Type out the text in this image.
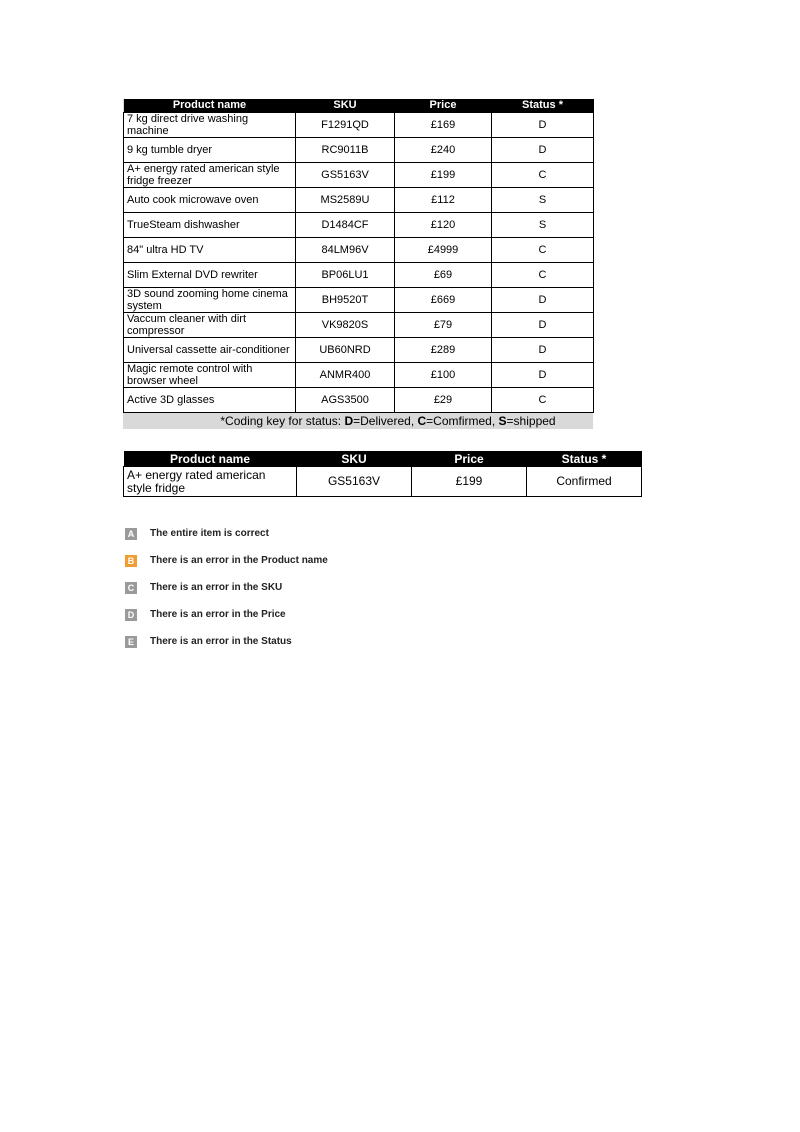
Product name	SKU	Price	Status *
7 kg direct drive washing machine	F1291QD	£169	D
9 kg tumble dryer	RC9011B	£240	D
A+ energy rated american style fridge freezer	GS5163V	£199	C
Auto cook microwave oven	MS2589U	£112	S
TrueSteam dishwasher	D1484CF	£120	S
84" ultra HD TV	84LM96V	£4999	C
Slim External DVD rewriter	BP06LU1	£69	C
3D sound zooming home cinema system	BH9520T	£669	D
Vaccum cleaner with dirt compressor	VK9820S	£79	D
Universal cassette air-conditioner	UB60NRD	£289	D
Magic remote control with browser wheel	ANMR400	£100	D
Active 3D glasses	AGS3500	£29	C
*Coding key for status: D=Delivered, C=Comfirmed, S=shipped
Product name	SKU	Price	Status *
A+ energy rated american style fridge	GS5163V	£199	Confirmed
A The entire item is correct
B There is an error in the Product name
C There is an error in the SKU
D There is an error in the Price
E	There is an error in the Status
